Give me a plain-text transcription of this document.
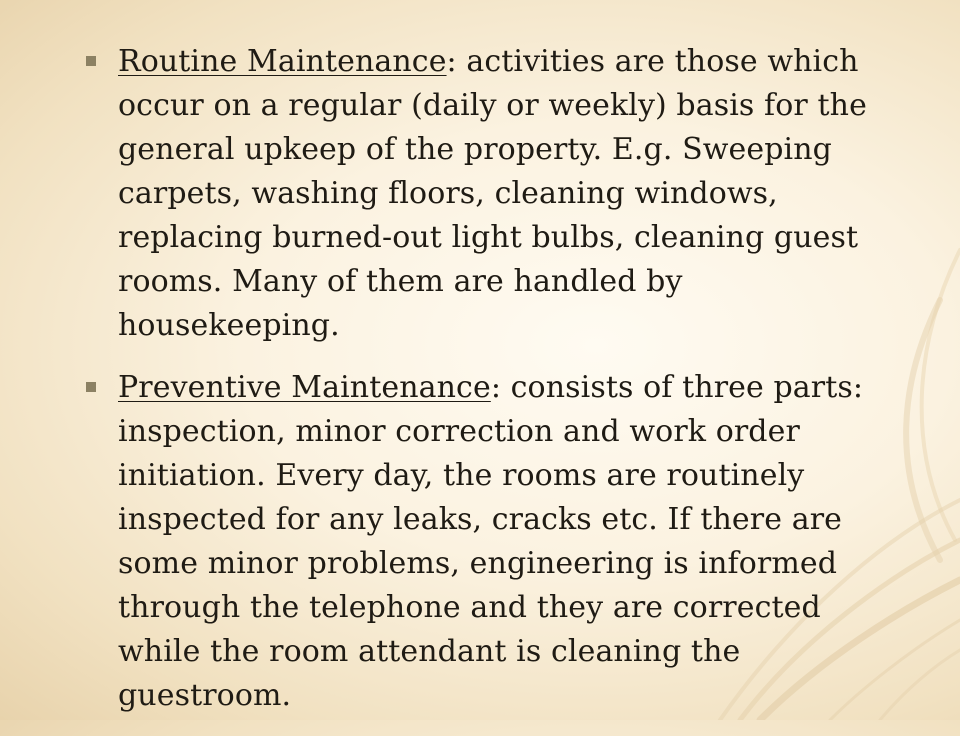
Routine Maintenance: activities are those which occur on a regular (daily or weekly) basis for the general upkeep of the property. E.g. Sweeping carpets, washing floors, cleaning windows, replacing burned-out light bulbs, cleaning guest rooms. Many of them are handled by housekeeping.
Preventive Maintenance: consists of three parts: inspection, minor correction and work order initiation. Every day, the rooms are routinely inspected for any leaks, cracks etc. If there are some minor problems, engineering is informed through the telephone and they are corrected while the room attendant is cleaning the guestroom.
